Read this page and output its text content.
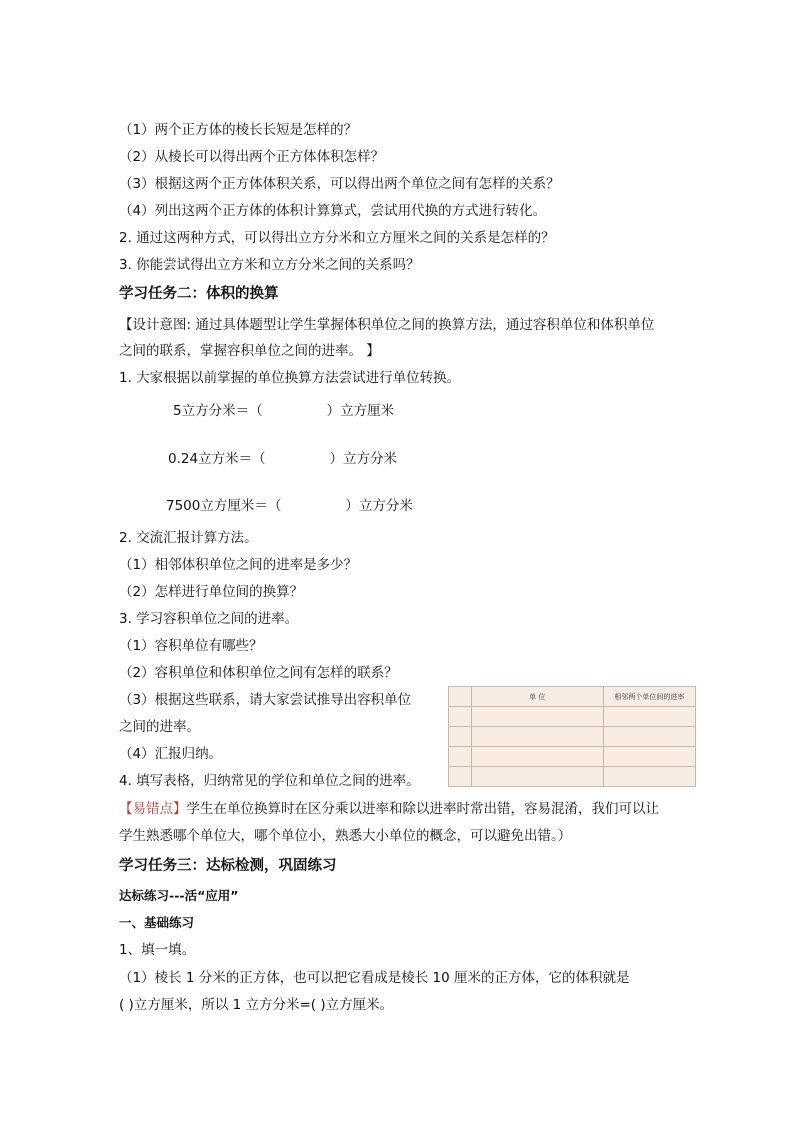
（1）两个正方体的棱长长短是怎样的？
（2）从棱长可以得出两个正方体体积怎样？
（3）根据这两个正方体体积关系，可以得出两个单位之间有怎样的关系？
（4）列出这两个正方体的体积计算算式，尝试用代换的方式进行转化。
2. 通过这两种方式，可以得出立方分米和立方厘米之间的关系是怎样的？
3. 你能尝试得出立方米和立方分米之间的关系吗？
学习任务二：体积的换算
【设计意图: 通过具体题型让学生掌握体积单位之间的换算方法，通过容积单位和体积单位
之间的联系，掌握容积单位之间的进率。 】
1. 大家根据以前掌握的单位换算方法尝试进行单位转换。
5立方分米＝（	）立方厘米
0.24立方米＝（	）立方分米
7500立方厘米＝（	）立方分米
2. 交流汇报计算方法。
（1）相邻体积单位之间的进率是多少？
（2）怎样进行单位间的换算？
3. 学习容积单位之间的进率。
（1）容积单位有哪些？
（2）容积单位和体积单位之间有怎样的联系？
（3）根据这些联系，请大家尝试推导出容积单位
之间的进率。
（4）汇报归纳。
4. 填写表格，归纳常见的学位和单位之间的进率。
	单 位	相邻两个单位间的进率

【易错点】学生在单位换算时在区分乘以进率和除以进率时常出错，容易混淆，我们可以让
学生熟悉哪个单位大，哪个单位小，熟悉大小单位的概念，可以避免出错。）
学习任务三：达标检测，巩固练习
达标练习---活“应用”
一、基础练习
1、填一填。
（1）棱长 1 分米的正方体，也可以把它看成是棱长 10 厘米的正方体，它的体积就是
( )立方厘米，所以 1 立方分米=( )立方厘米。
